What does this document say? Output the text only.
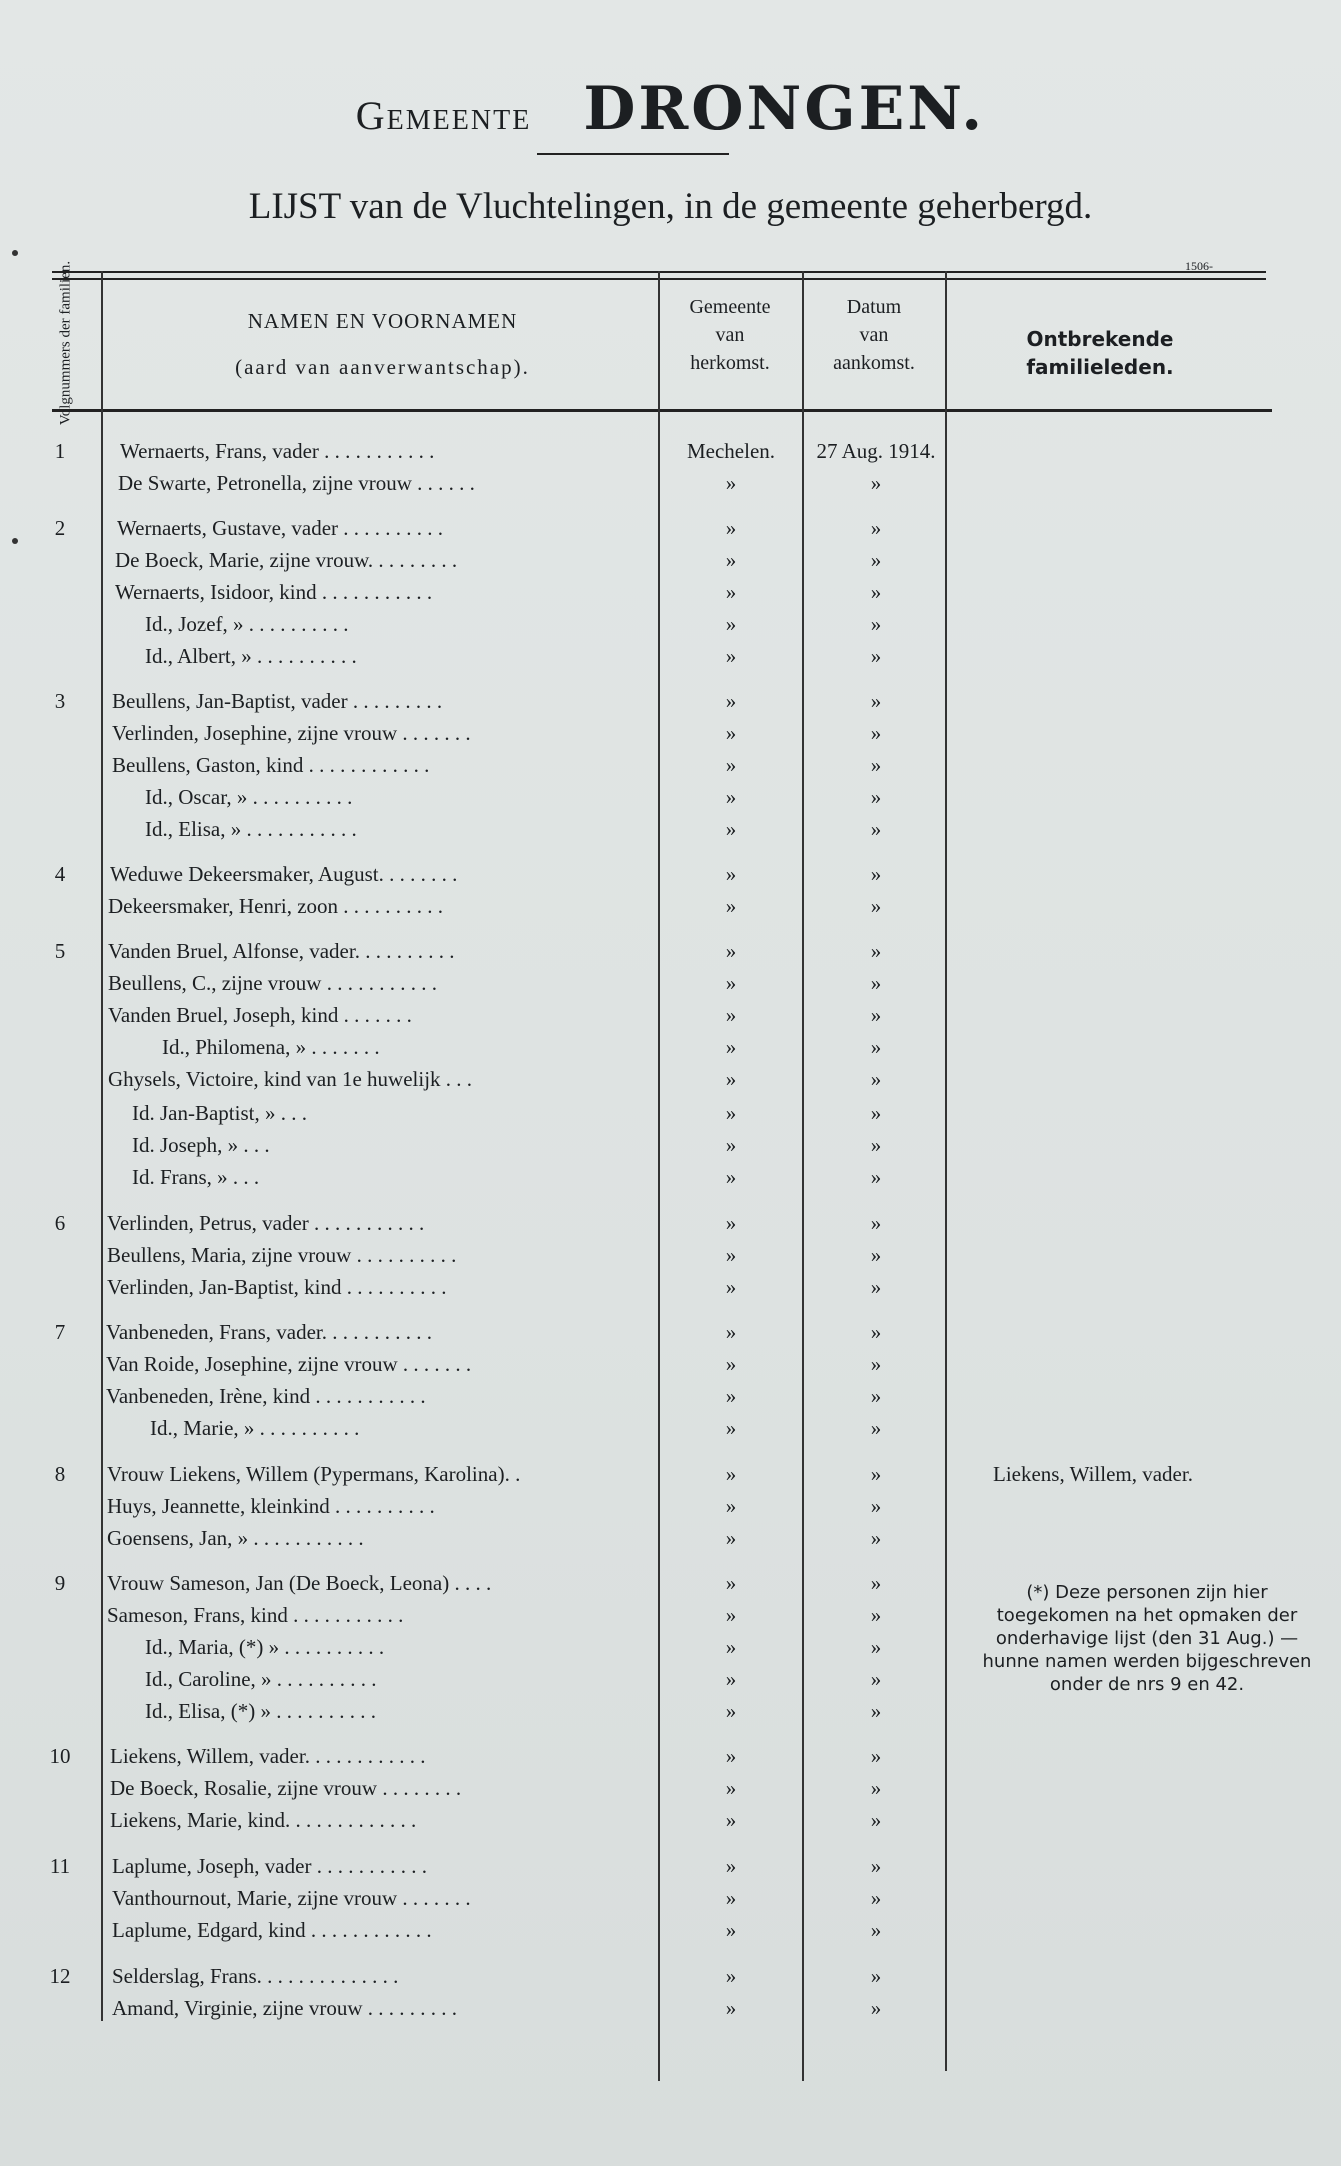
Gemeente DRONGEN.
LIJST van de Vluchtelingen, in de gemeente geherbergd.
1506-
Volgnummers der familien.	NAMEN EN VOORNAMEN
(aard van aanverwantschap).
Gemeente
van
herkomst.
Datum
van
aankomst.
Ontbrekende familieleden.
1	Wernaerts, Frans, vader . . . . . . . . . . .	Mechelen.	27 Aug. 1914.
De Swarte, Petronella, zijne vrouw . . . . . .	»	»
2	Wernaerts, Gustave, vader . . . . . . . . . .	»	»
De Boeck, Marie, zijne vrouw. . . . . . . . .	»	»
Wernaerts, Isidoor, kind . . . . . . . . . . .	»	»
Id., Jozef, » . . . . . . . . . .	»	»
Id., Albert, » . . . . . . . . . .	»	»
3	Beullens, Jan-Baptist, vader . . . . . . . . .	»	»
Verlinden, Josephine, zijne vrouw . . . . . . .	»	»
Beullens, Gaston, kind . . . . . . . . . . . .	»	»
Id., Oscar, » . . . . . . . . . .	»	»
Id., Elisa, » . . . . . . . . . . .	»	»
4	Weduwe Dekeersmaker, August. . . . . . . .	»	»
Dekeersmaker, Henri, zoon . . . . . . . . . .	»	»
5	Vanden Bruel, Alfonse, vader. . . . . . . . . .	»	»
Beullens, C., zijne vrouw . . . . . . . . . . .	»	»
Vanden Bruel, Joseph, kind . . . . . . .	»	»
Id., Philomena, » . . . . . . .	»	»
Ghysels, Victoire, kind van 1e huwelijk . . .	»	»
Id. Jan-Baptist, » . . .	»	»
Id. Joseph, » . . .	»	»
Id. Frans, » . . .	»	»
6	Verlinden, Petrus, vader . . . . . . . . . . .	»	»
Beullens, Maria, zijne vrouw . . . . . . . . . .	»	»
Verlinden, Jan-Baptist, kind . . . . . . . . . .	»	»
7	Vanbeneden, Frans, vader. . . . . . . . . . .	»	»
Van Roide, Josephine, zijne vrouw . . . . . . .	»	»
Vanbeneden, Irène, kind . . . . . . . . . . .	»	»
Id., Marie, » . . . . . . . . . .	»	»
8	Vrouw Liekens, Willem (Pypermans, Karolina). .	»	»	Liekens, Willem, vader.
Huys, Jeannette, kleinkind . . . . . . . . . .	»	»
Goensens, Jan, » . . . . . . . . . . .	»	»
9	Vrouw Sameson, Jan (De Boeck, Leona) . . . .	»	»
Sameson, Frans, kind . . . . . . . . . . .	»	»
Id., Maria, (*) » . . . . . . . . . .	»	»
Id., Caroline, » . . . . . . . . . .	»	»
Id., Elisa, (*) » . . . . . . . . . .	»	»
10	Liekens, Willem, vader. . . . . . . . . . . .	»	»
De Boeck, Rosalie, zijne vrouw . . . . . . . .	»	»
Liekens, Marie, kind. . . . . . . . . . . . .	»	»
11	Laplume, Joseph, vader . . . . . . . . . . .	»	»
Vanthournout, Marie, zijne vrouw . . . . . . .	»	»
Laplume, Edgard, kind . . . . . . . . . . . .	»	»
12	Selderslag, Frans. . . . . . . . . . . . . .	»	»
Amand, Virginie, zijne vrouw . . . . . . . . .	»	»
(*) Deze personen zijn hier toegekomen na het opmaken der onderhavige lijst (den 31 Aug.) — hunne namen werden bijgeschreven onder de nrs 9 en 42.
